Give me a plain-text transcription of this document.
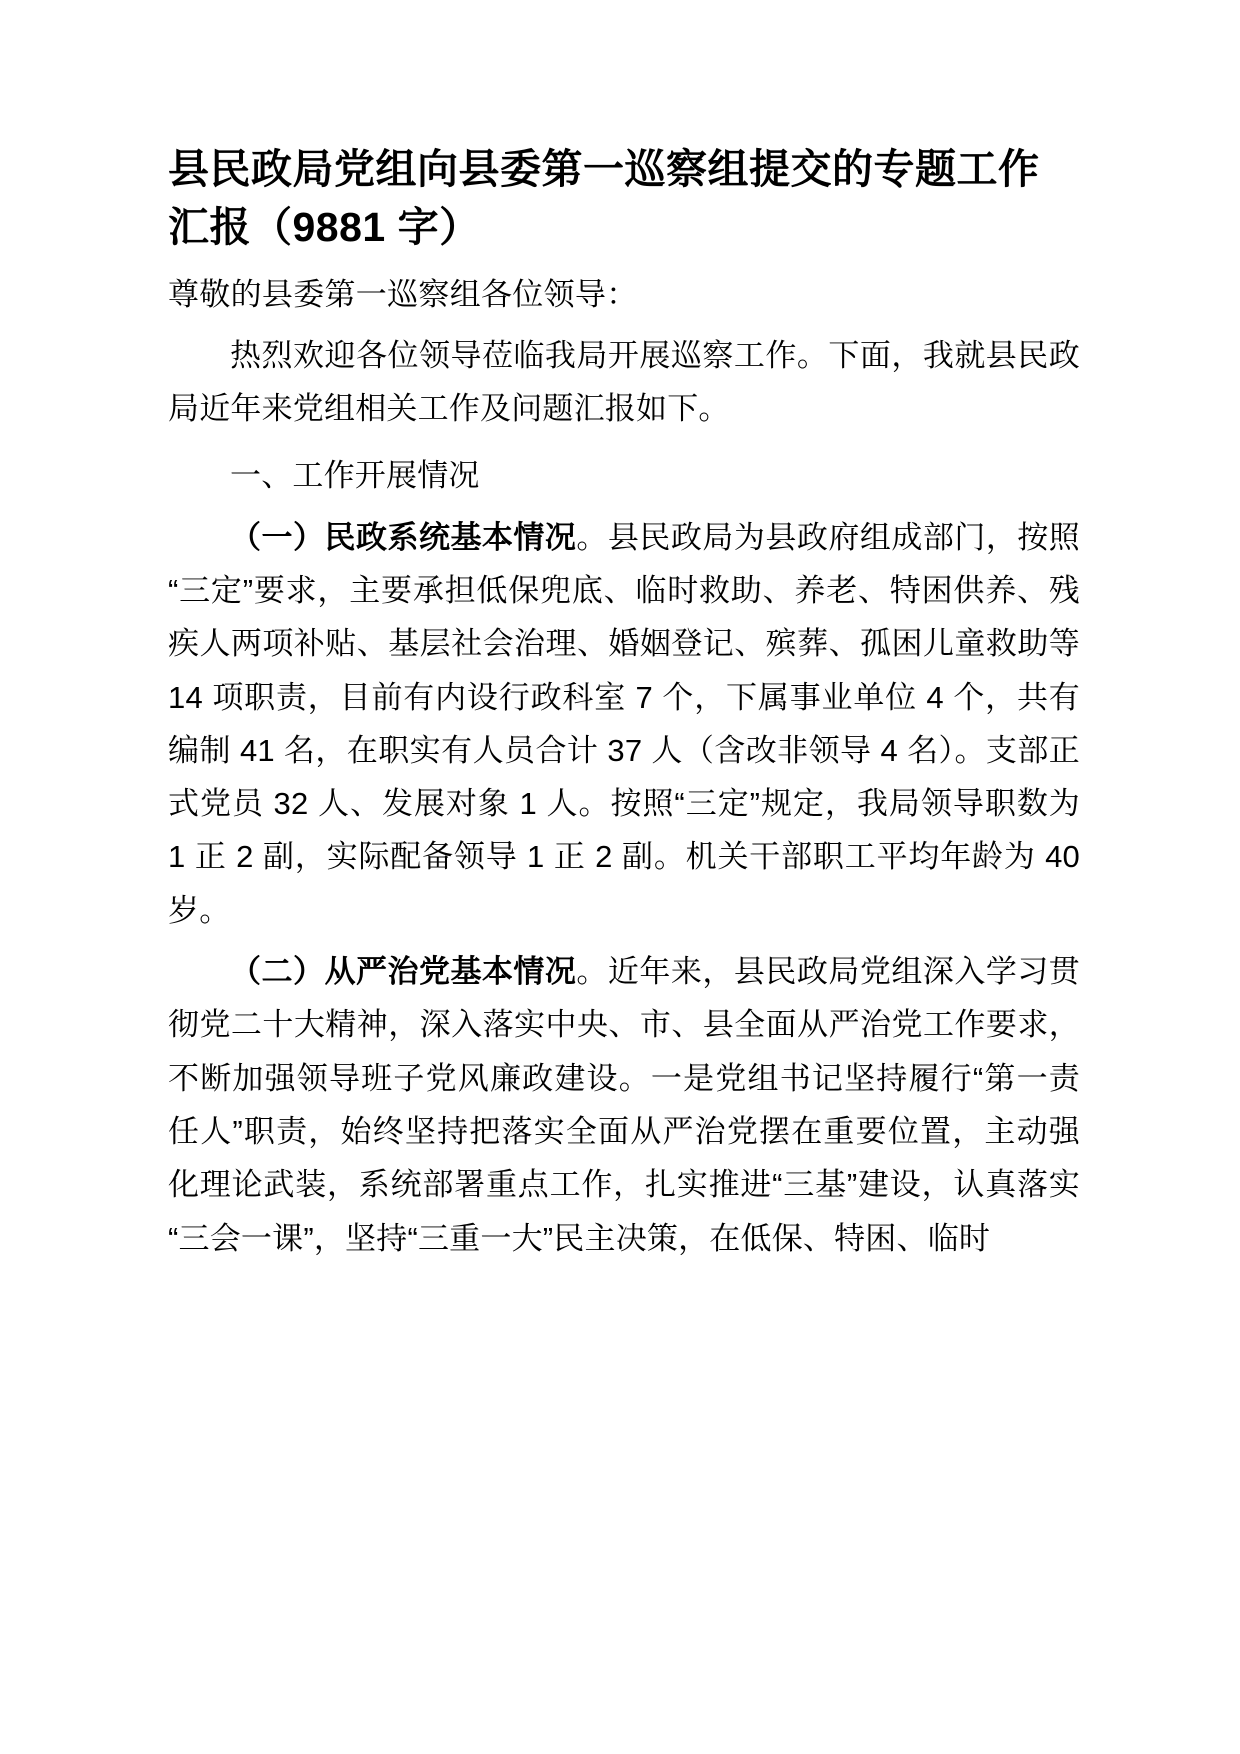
县民政局党组向县委第一巡察组提交的专题工作汇报（9881 字）

尊敬的县委第一巡察组各位领导：

热烈欢迎各位领导莅临我局开展巡察工作。下面，我就县民政局近年来党组相关工作及问题汇报如下。

一、工作开展情况

（一）民政系统基本情况。县民政局为县政府组成部门，按照“三定”要求，主要承担低保兜底、临时救助、养老、特困供养、残疾人两项补贴、基层社会治理、婚姻登记、殡葬、孤困儿童救助等 14 项职责，目前有内设行政科室 7 个，下属事业单位 4 个，共有编制 41 名，在职实有人员合计 37 人（含改非领导 4 名）。支部正式党员 32 人、发展对象 1 人。按照“三定”规定，我局领导职数为 1 正 2 副，实际配备领导 1 正 2 副。机关干部职工平均年龄为 40 岁。

（二）从严治党基本情况。近年来，县民政局党组深入学习贯彻党二十大精神，深入落实中央、市、县全面从严治党工作要求，不断加强领导班子党风廉政建设。一是党组书记坚持履行“第一责任人”职责，始终坚持把落实全面从严治党摆在重要位置，主动强化理论武装，系统部署重点工作，扎实推进“三基”建设，认真落实“三会一课”，坚持“三重一大”民主决策，在低保、特困、临时
